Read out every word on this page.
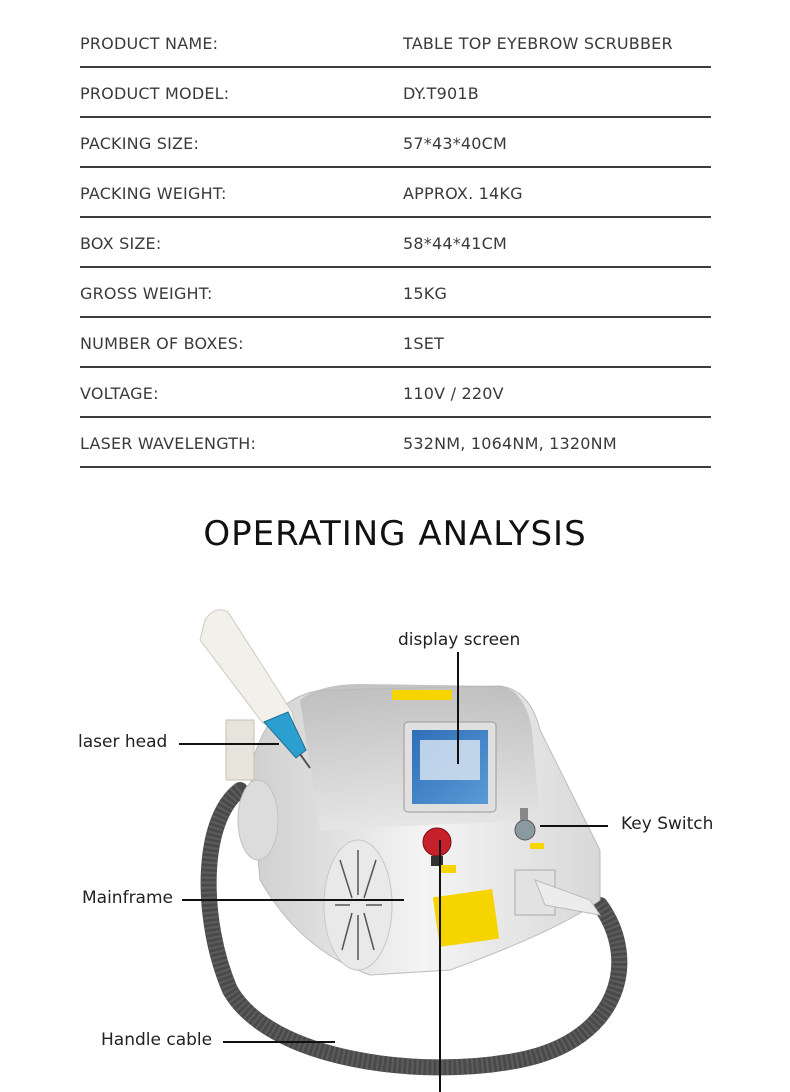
PRODUCT NAME:	TABLE TOP EYEBROW SCRUBBER
PRODUCT MODEL:	DY.T901B
PACKING SIZE:	57*43*40CM
PACKING WEIGHT:	APPROX. 14KG
BOX SIZE:	58*44*41CM
GROSS WEIGHT:	15KG
NUMBER OF BOXES:	1SET
VOLTAGE:	110V / 220V
LASER WAVELENGTH:	532NM, 1064NM, 1320NM
OPERATING ANALYSIS
display screen
laser head
Key Switch
Mainframe
Handle cable
